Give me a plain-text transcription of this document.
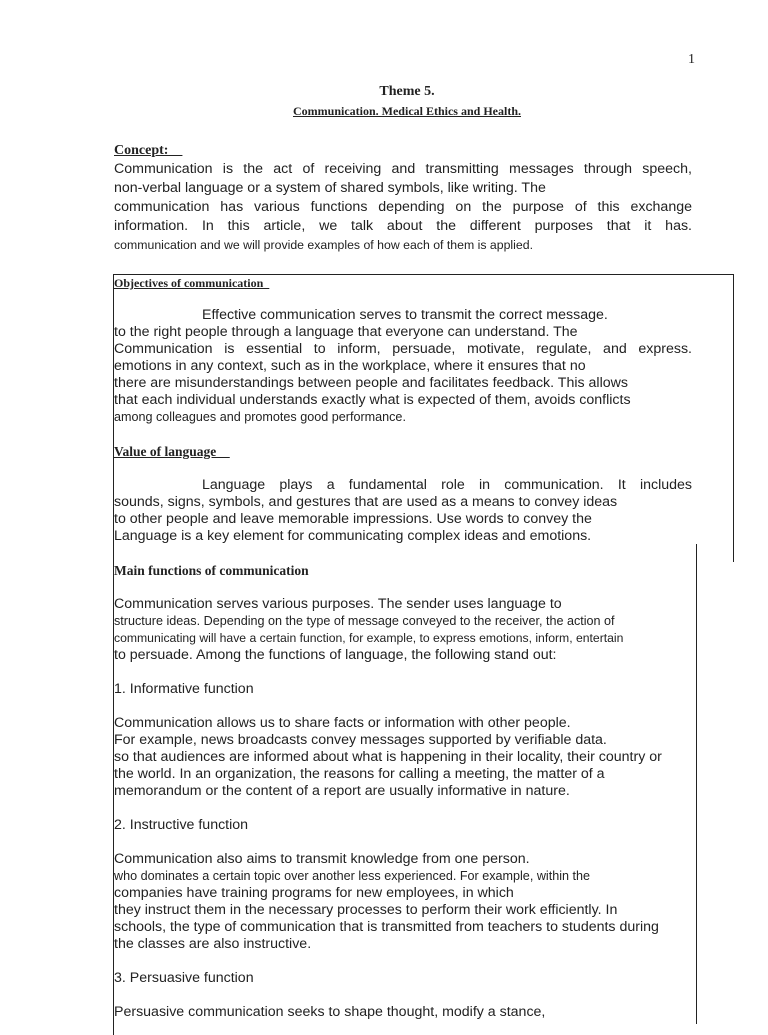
1
Theme 5.
Communication. Medical Ethics and Health.
Concept:
Communication is the act of receiving and transmitting messages through speech,
non-verbal language or a system of shared symbols, like writing. The
communication has various functions depending on the purpose of this exchange
information. In this article, we talk about the different purposes that it has.
communication and we will provide examples of how each of them is applied.
Objectives of communication
Effective communication serves to transmit the correct message.
to the right people through a language that everyone can understand. The
Communication is essential to inform, persuade, motivate, regulate, and express.
emotions in any context, such as in the workplace, where it ensures that no
there are misunderstandings between people and facilitates feedback. This allows
that each individual understands exactly what is expected of them, avoids conflicts
among colleagues and promotes good performance.
Value of language
Language plays a fundamental role in communication. It includes
sounds, signs, symbols, and gestures that are used as a means to convey ideas
to other people and leave memorable impressions. Use words to convey the
Language is a key element for communicating complex ideas and emotions.
Main functions of communication
Communication serves various purposes. The sender uses language to
structure ideas. Depending on the type of message conveyed to the receiver, the action of
communicating will have a certain function, for example, to express emotions, inform, entertain
to persuade. Among the functions of language, the following stand out:
1. Informative function
Communication allows us to share facts or information with other people.
For example, news broadcasts convey messages supported by verifiable data.
so that audiences are informed about what is happening in their locality, their country or
the world. In an organization, the reasons for calling a meeting, the matter of a
memorandum or the content of a report are usually informative in nature.
2. Instructive function
Communication also aims to transmit knowledge from one person.
who dominates a certain topic over another less experienced. For example, within the
companies have training programs for new employees, in which
they instruct them in the necessary processes to perform their work efficiently. In
schools, the type of communication that is transmitted from teachers to students during
the classes are also instructive.
3. Persuasive function
Persuasive communication seeks to shape thought, modify a stance,
